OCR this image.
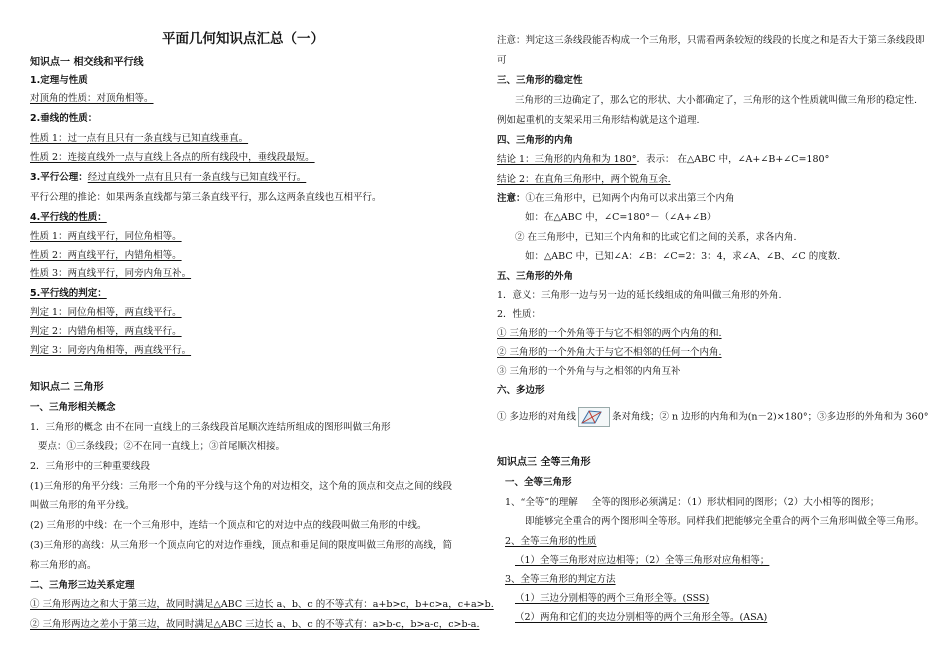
平面几何知识点汇总（一）
知识点一 相交线和平行线
1.定理与性质
对顶角的性质：对顶角相等。
2.垂线的性质：
性质 1：过一点有且只有一条直线与已知直线垂直。
性质 2：连接直线外一点与直线上各点的所有线段中，垂线段最短。
3.平行公理：经过直线外一点有且只有一条直线与已知直线平行。
平行公理的推论：如果两条直线都与第三条直线平行，那么这两条直线也互相平行。
4.平行线的性质：
性质 1：两直线平行，同位角相等。
性质 2：两直线平行，内错角相等。
性质 3：两直线平行，同旁内角互补。
5.平行线的判定：
判定 1：同位角相等，两直线平行。
判定 2：内错角相等，两直线平行。
判定 3：同旁内角相等，两直线平行。
知识点二 三角形
一、三角形相关概念
1．三角形的概念 由不在同一直线上的三条线段首尾顺次连结所组成的图形叫做三角形
要点：①三条线段；②不在同一直线上；③首尾顺次相接。
2．三角形中的三种重要线段
(1)三角形的角平分线：三角形一个角的平分线与这个角的对边相交，这个角的顶点和交点之间的线段
叫做三角形的角平分线。
(2) 三角形的中线：在一个三角形中，连结一个顶点和它的对边中点的线段叫做三角形的中线。
(3)三角形的高线：从三角形一个顶点向它的对边作垂线，顶点和垂足间的限度叫做三角形的高线，简
称三角形的高。
二、三角形三边关系定理
① 三角形两边之和大于第三边，故同时满足△ABC 三边长 a、b、c 的不等式有：a+b>c，b+c>a，c+a>b.
② 三角形两边之差小于第三边，故同时满足△ABC 三边长 a、b、c 的不等式有：a>b-c，b>a-c，c>b-a.
注意：判定这三条线段能否构成一个三角形，只需看两条较短的线段的长度之和是否大于第三条线段即
可
三、三角形的稳定性
三角形的三边确定了，那么它的形状、大小都确定了，三角形的这个性质就叫做三角形的稳定性.
例如起重机的支架采用三角形结构就是这个道理.
四、三角形的内角
结论 1：三角形的内角和为 180°．表示： 在△ABC 中，∠A+∠B+∠C=180°
结论 2：在直角三角形中，两个锐角互余.
注意：①在三角形中，已知两个内角可以求出第三个内角
如：在△ABC 中，∠C=180°－（∠A+∠B）
② 在三角形中，已知三个内角和的比或它们之间的关系，求各内角.
如：△ABC 中，已知∠A：∠B：∠C=2：3：4，求∠A、∠B、∠C 的度数.
五、三角形的外角
1．意义：三角形一边与另一边的延长线组成的角叫做三角形的外角.
2．性质：
① 三角形的一个外角等于与它不相邻的两个内角的和.
② 三角形的一个外角大于与它不相邻的任何一个内角.
③ 三角形的一个外角与与之相邻的内角互补
六、多边形
① 多边形的对角线	条对角线；② n 边形的内角和为(n－2)×180°；③多边形的外角和为 360°
知识点三 全等三角形
一、全等三角形
1、“全等”的理解 全等的图形必须满足：（1）形状相同的图形；（2）大小相等的图形；
即能够完全重合的两个图形叫全等形。同样我们把能够完全重合的两个三角形叫做全等三角形。
2、全等三角形的性质
（1）全等三角形对应边相等；（2）全等三角形对应角相等；
3、全等三角形的判定方法
（1）三边分别相等的两个三角形全等。(SSS)
（2）两角和它们的夹边分别相等的两个三角形全等。(ASA)
